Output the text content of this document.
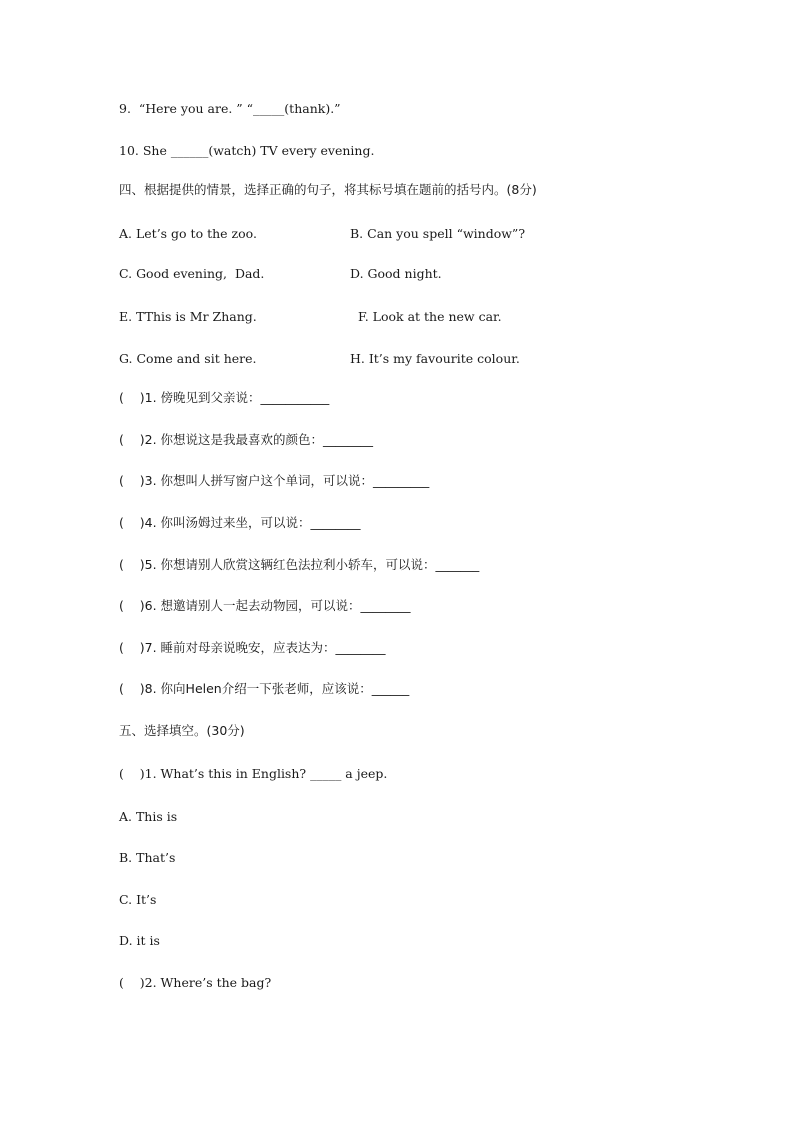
9.  “Here you are. ” “_____(thank).”
10. She ______(watch) TV every evening.
四、根据提供的情景，选择正确的句子，将其标号填在题前的括号内。(8分)
A. Let’s go to the zoo.	B. Can you spell “window”?
C. Good evening,  Dad.	D. Good night.
E. TThis is Mr Zhang.	F. Look at the new car.
G. Come and sit here.	H. It’s my favourite colour.
(    )1. 傍晚见到父亲说：___________
(    )2. 你想说这是我最喜欢的颜色：________
(    )3. 你想叫人拼写窗户这个单词，可以说：_________
(    )4. 你叫汤姆过来坐，可以说：________
(    )5. 你想请别人欣赏这辆红色法拉利小轿车，可以说：_______
(    )6. 想邀请别人一起去动物园，可以说：________
(    )7. 睡前对母亲说晚安，应表达为：________
(    )8. 你向Helen介绍一下张老师，应该说：______
五、选择填空。(30分)
(    )1. What’s this in English? _____ a jeep.
A. This is
B. That’s
C. It’s
D. it is
(    )2. Where’s the bag?
